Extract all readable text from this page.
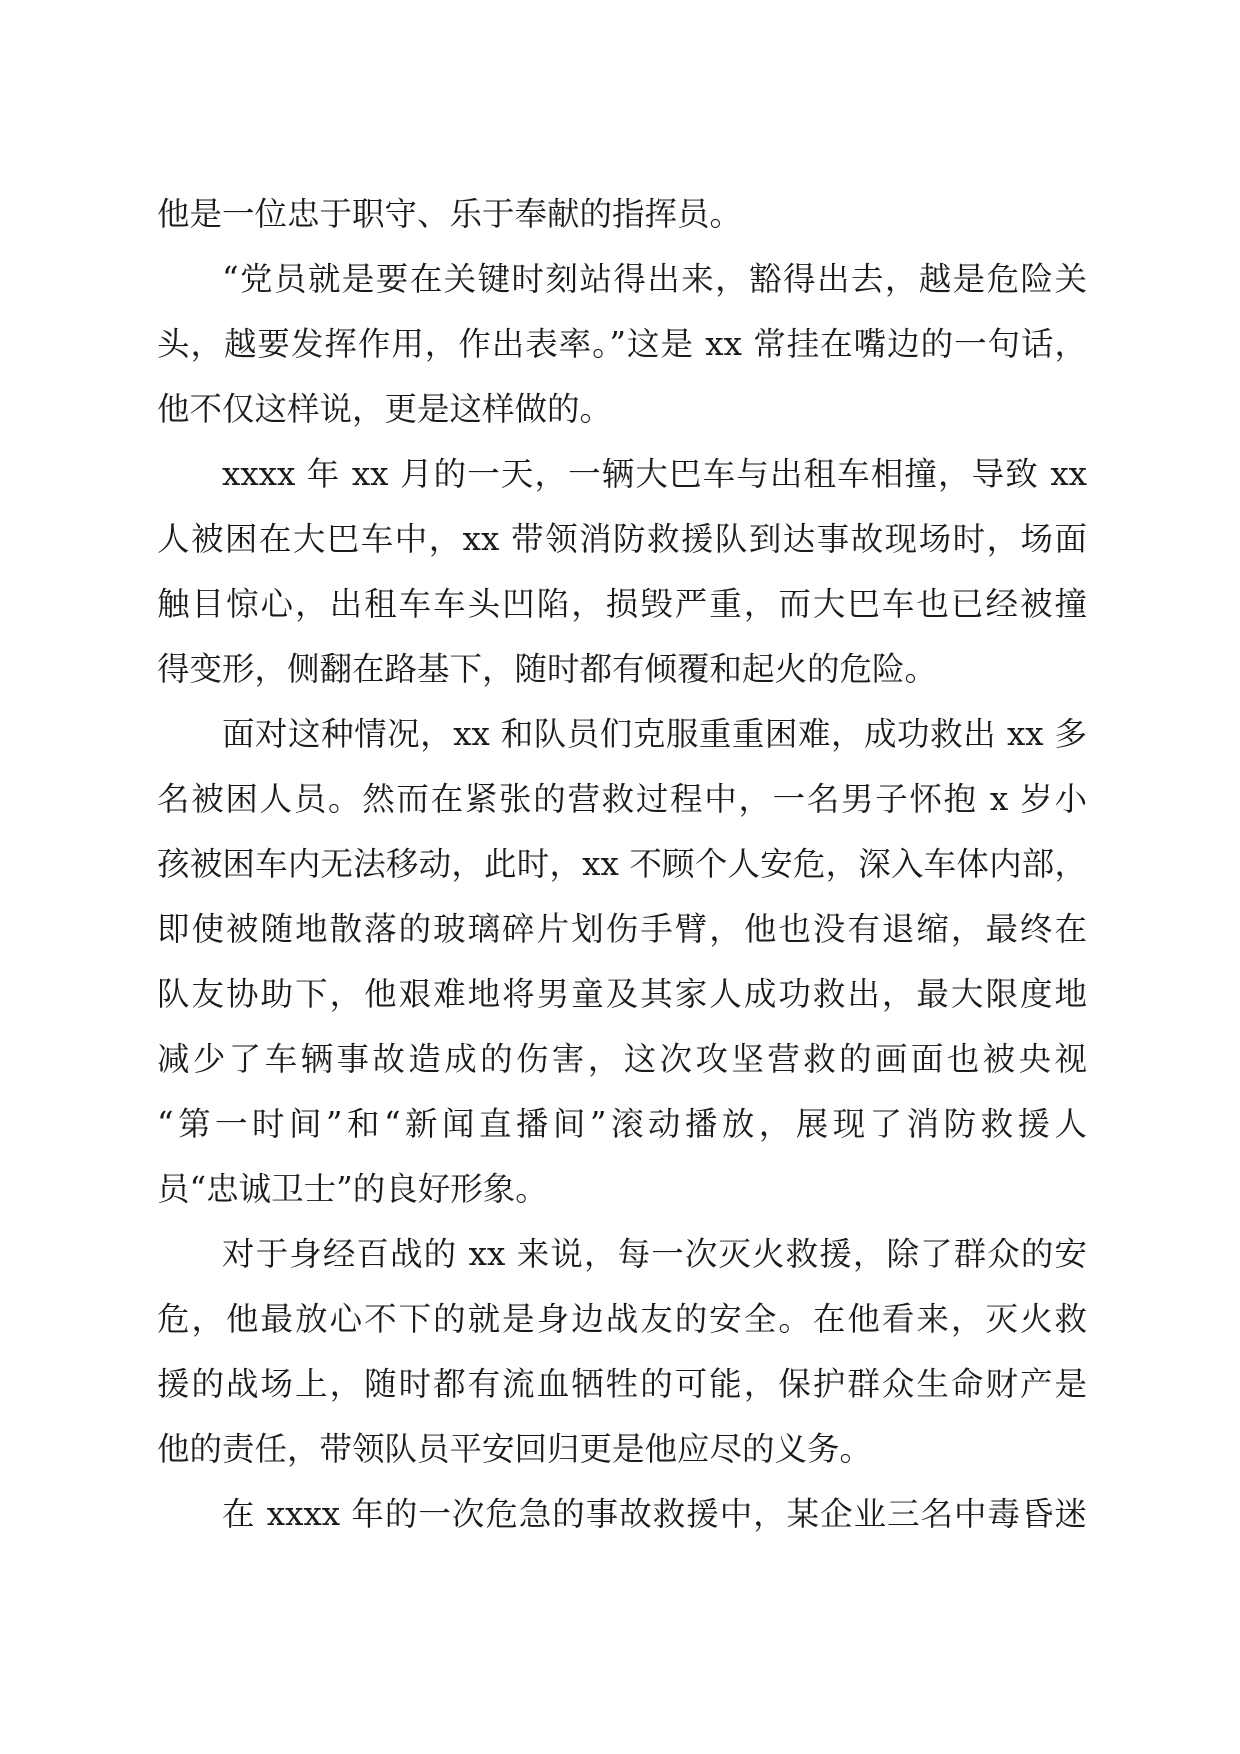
他是一位忠于职守、乐于奉献的指挥员。
“党员就是要在关键时刻站得出来，豁得出去，越是危险关
头，越要发挥作用，作出表率。”这是 xx 常挂在嘴边的一句话，
他不仅这样说，更是这样做的。
xxxx 年 xx 月的一天，一辆大巴车与出租车相撞，导致 xx
人被困在大巴车中，xx 带领消防救援队到达事故现场时，场面
触目惊心，出租车车头凹陷，损毁严重，而大巴车也已经被撞
得变形，侧翻在路基下，随时都有倾覆和起火的危险。
面对这种情况，xx 和队员们克服重重困难，成功救出 xx 多
名被困人员。然而在紧张的营救过程中，一名男子怀抱 x 岁小
孩被困车内无法移动，此时，xx 不顾个人安危，深入车体内部，
即使被随地散落的玻璃碎片划伤手臂，他也没有退缩，最终在
队友协助下，他艰难地将男童及其家人成功救出，最大限度地
减少了车辆事故造成的伤害，这次攻坚营救的画面也被央视
“第一时间”和“新闻直播间”滚动播放，展现了消防救援人
员“忠诚卫士”的良好形象。
对于身经百战的 xx 来说，每一次灭火救援，除了群众的安
危，他最放心不下的就是身边战友的安全。在他看来，灭火救
援的战场上，随时都有流血牺牲的可能，保护群众生命财产是
他的责任，带领队员平安回归更是他应尽的义务。
在 xxxx 年的一次危急的事故救援中，某企业三名中毒昏迷
